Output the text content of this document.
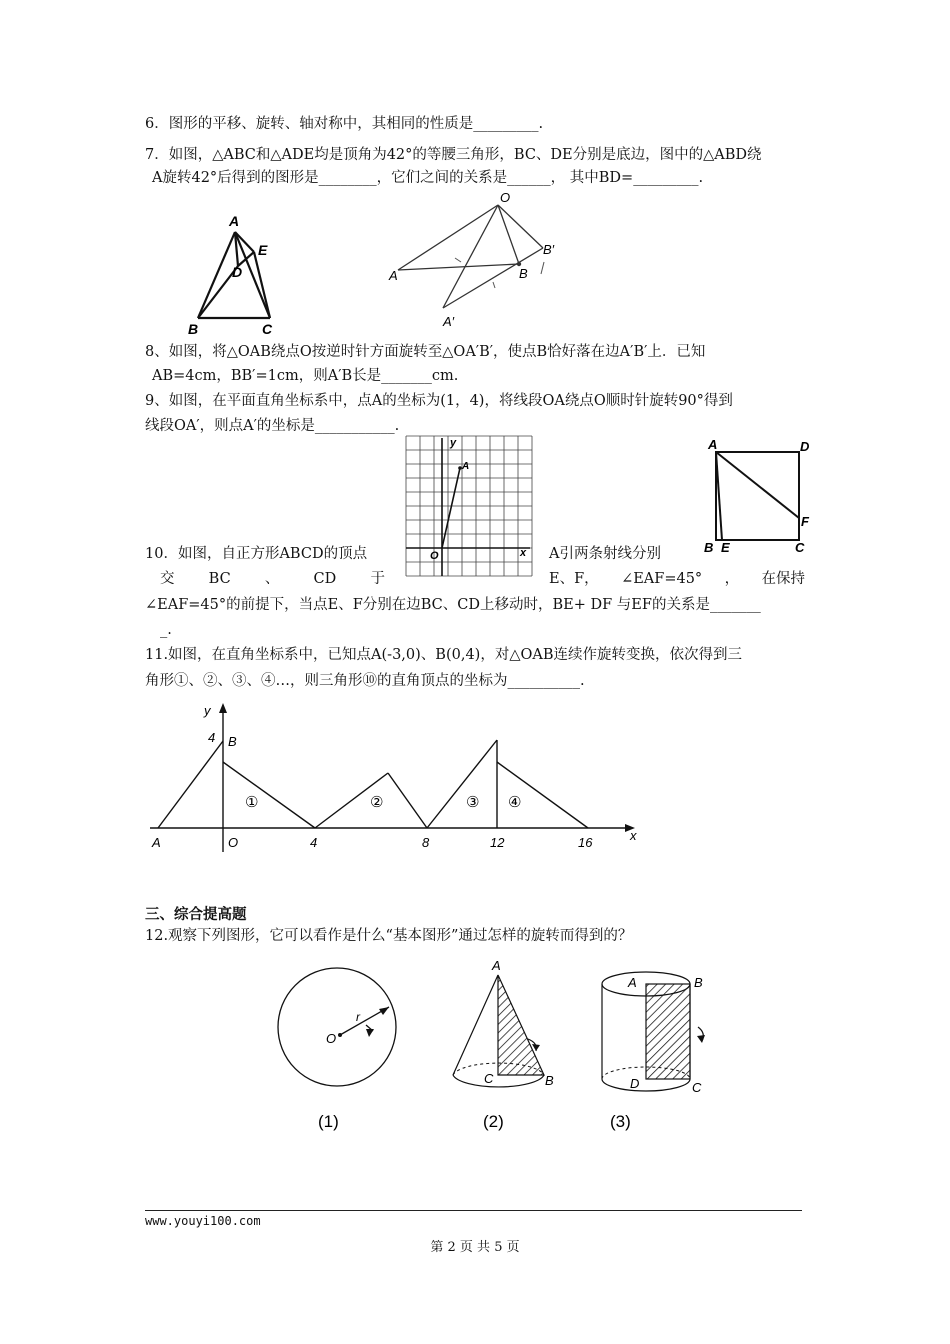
6．图形的平移、旋转、轴对称中，其相同的性质是_________.
7．如图，△ABC和△ADE均是顶角为42°的等腰三角形，BC、DE分别是底边，图中的△ABD绕
A旋转42°后得到的图形是________，它们之间的关系是______， 其中BD=_________.
A
E
D
B	C
O
A	B
B′
A′
8、如图，将△OAB绕点O按逆时针方面旋转至△OA′B′，使点B恰好落在边A′B′上．已知
AB=4cm，BB′=1cm，则A′B长是_______cm.
9、如图，在平面直角坐标系中，点A的坐标为(1，4)，将线段OA绕点O顺时针旋转90°得到
线段OA′，则点A′的坐标是___________.
y
x
O
A
A	D
F
B E	C
10．如图，自正方形ABCD的顶点	A引两条射线分别
交 BC 、 CD 于	E、F， ∠EAF=45° ， 在保持
∠EAF=45°的前提下，当点E、F分别在边BC、CD上移动时，BE+ DF 与EF的关系是_______
_.
11.如图，在直角坐标系中，已知点A(-3,0)、B(0,4)，对△OAB连续作旋转变换，依次得到三
角形①、②、③、④…，则三角形⑩的直角顶点的坐标为__________.
y
x
4 B
A	O	4	8	12	16
①	②	③ ④
三、综合提高题
12.观察下列图形，它可以看作是什么“基本图形”通过怎样的旋转而得到的？
O
r
A
C	B
A	B
D	C
(1)	(2)	(3)
www.youyi100.com
第 2 页 共 5 页
